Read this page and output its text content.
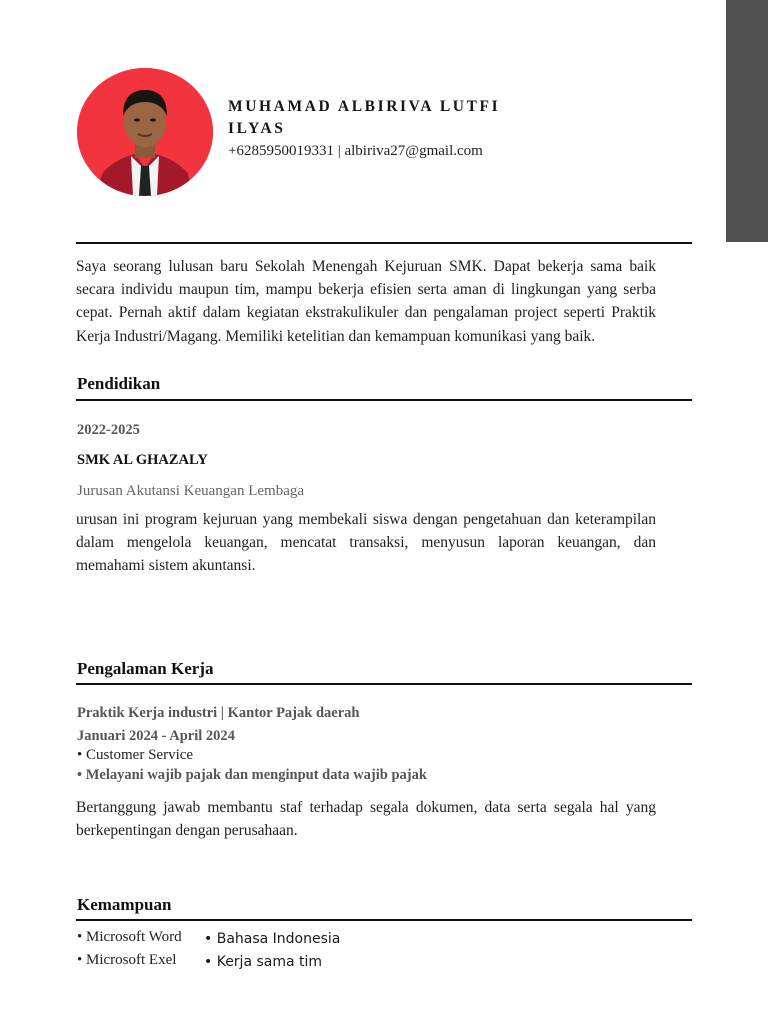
MUHAMAD ALBIRIVA LUTFI
ILYAS
+6285950019331 | albiriva27@gmail.com
Saya seorang lulusan baru Sekolah Menengah Kejuruan SMK. Dapat bekerja sama baik secara individu maupun tim, mampu bekerja efisien serta aman di lingkungan yang serba cepat. Pernah aktif dalam kegiatan ekstrakulikuler dan pengalaman project seperti Praktik Kerja Industri/Magang. Memiliki ketelitian dan kemampuan komunikasi yang baik.
Pendidikan
2022-2025
SMK AL GHAZALY
Jurusan Akutansi Keuangan Lembaga
urusan ini program kejuruan yang membekali siswa dengan pengetahuan dan keterampilan dalam mengelola keuangan, mencatat transaksi, menyusun laporan keuangan, dan memahami sistem akuntansi.
Pengalaman Kerja
Praktik Kerja industri | Kantor Pajak daerah
Januari 2024 - April 2024
• Customer Service
• Melayani wajib pajak dan menginput data wajib pajak
Bertanggung jawab membantu staf terhadap segala dokumen, data serta segala hal yang berkepentingan dengan perusahaan.
Kemampuan
• Microsoft Word
• Microsoft Exel
• Bahasa Indonesia
• Kerja sama tim
